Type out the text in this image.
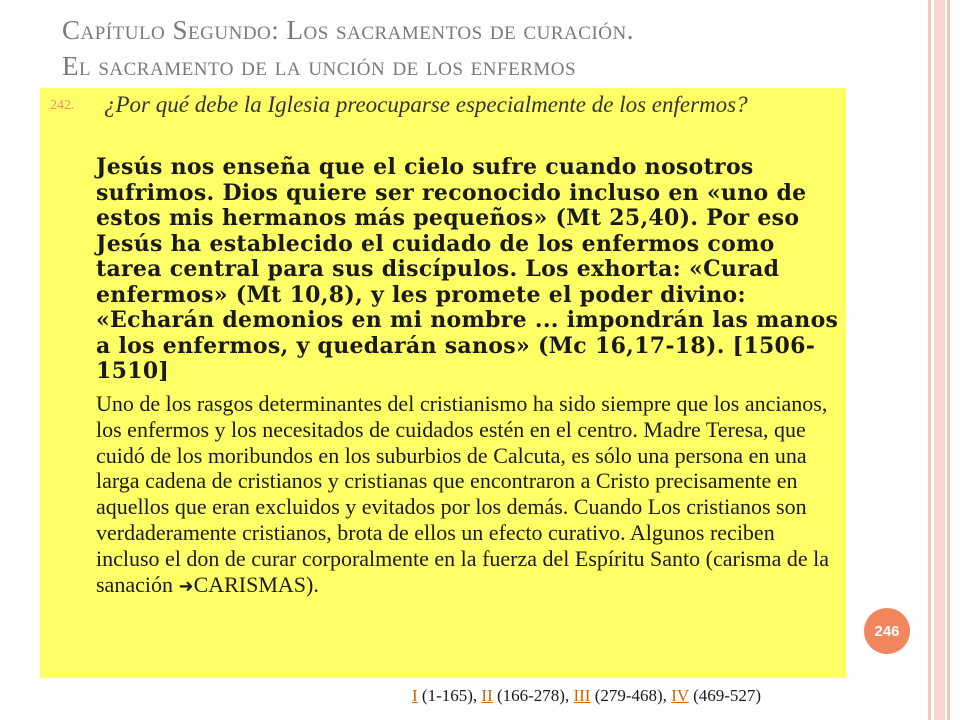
Capítulo Segundo: Los sacramentos de curación.
El sacramento de la unción de los enfermos
242. ¿Por qué debe la Iglesia preocuparse especialmente de los enfermos?
Jesús nos enseña que el cielo sufre cuando nosotros sufrimos. Dios quiere ser reconocido incluso en «uno de estos mis hermanos más pequeños» (Mt 25,40). Por eso Jesús ha establecido el cuidado de los enfermos como tarea central para sus discípulos. Los exhorta: «Curad enfermos» (Mt 10,8), y les promete el poder divino: «Echarán demonios en mi nombre ... impondrán las manos a los enfermos, y quedarán sanos» (Mc 16,17-18). [1506-1510]
Uno de los rasgos determinantes del cristianismo ha sido siempre que los ancianos, los enfermos y los necesitados de cuidados estén en el centro. Madre Teresa, que cuidó de los moribundos en los suburbios de Calcuta, es sólo una persona en una larga cadena de cristianos y cristianas que encontraron a Cristo precisamente en aquellos que eran excluidos y evitados por los demás. Cuando Los cristianos son verdaderamente cristianos, brota de ellos un efecto curativo. Algunos reciben incluso el don de curar corporalmente en la fuerza del Espíritu Santo (carisma de la sanación ➜CARISMAS).
246
I (1-165), II (166-278), III (279-468), IV (469-527)
